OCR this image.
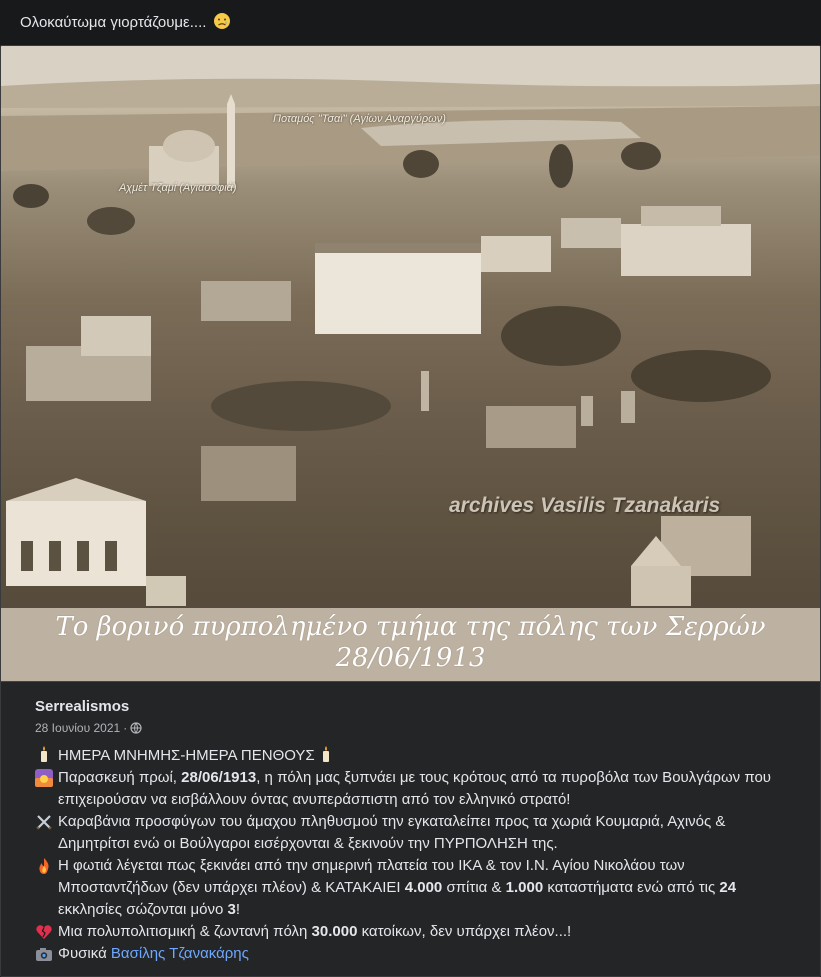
Ολοκαύτωμα γιορτάζουμε....
Ποταμός "Τσαϊ" (Αγίων Αναργύρων)
Αχμέτ Τζαμί (Αγιασοφιά)
archives Vasilis Tzanakaris
Το βορινό πυρπολημένο τμήμα της πόλης των Σερρών
28/06/1913
Serrealismos
28 Ιουνίου 2021 ·
ΗΜΕΡΑ ΜΝΗΜΗΣ-ΗΜΕΡΑ ΠΕΝΘΟΥΣ
Παρασκευή πρωί, 28/06/1913, η πόλη μας ξυπνάει με τους κρότους από τα πυροβόλα των Βουλγάρων που επιχειρούσαν να εισβάλλουν όντας ανυπεράσπιστη από τον ελληνικό στρατό!
Καραβάνια προσφύγων του άμαχου πληθυσμού την εγκαταλείπει προς τα χωριά Κουμαριά, Αχινός & Δημητρίτσι ενώ οι Βούλγαροι εισέρχονται & ξεκινούν την ΠΥΡΠΟΛΗΣΗ της.
Η φωτιά λέγεται πως ξεκινάει από την σημερινή πλατεία του ΙΚΑ & τον Ι.Ν. Αγίου Νικολάου των Μποσταντζήδων (δεν υπάρχει πλέον) & ΚΑΤΑΚΑΙΕΙ 4.000 σπίτια & 1.000 καταστήματα ενώ από τις 24 εκκλησίες σώζονται μόνο 3!
Μια πολυπολιτισμική & ζωντανή πόλη 30.000 κατοίκων, δεν υπάρχει πλέον...!
Φυσικά Βασίλης Τζανακάρης
